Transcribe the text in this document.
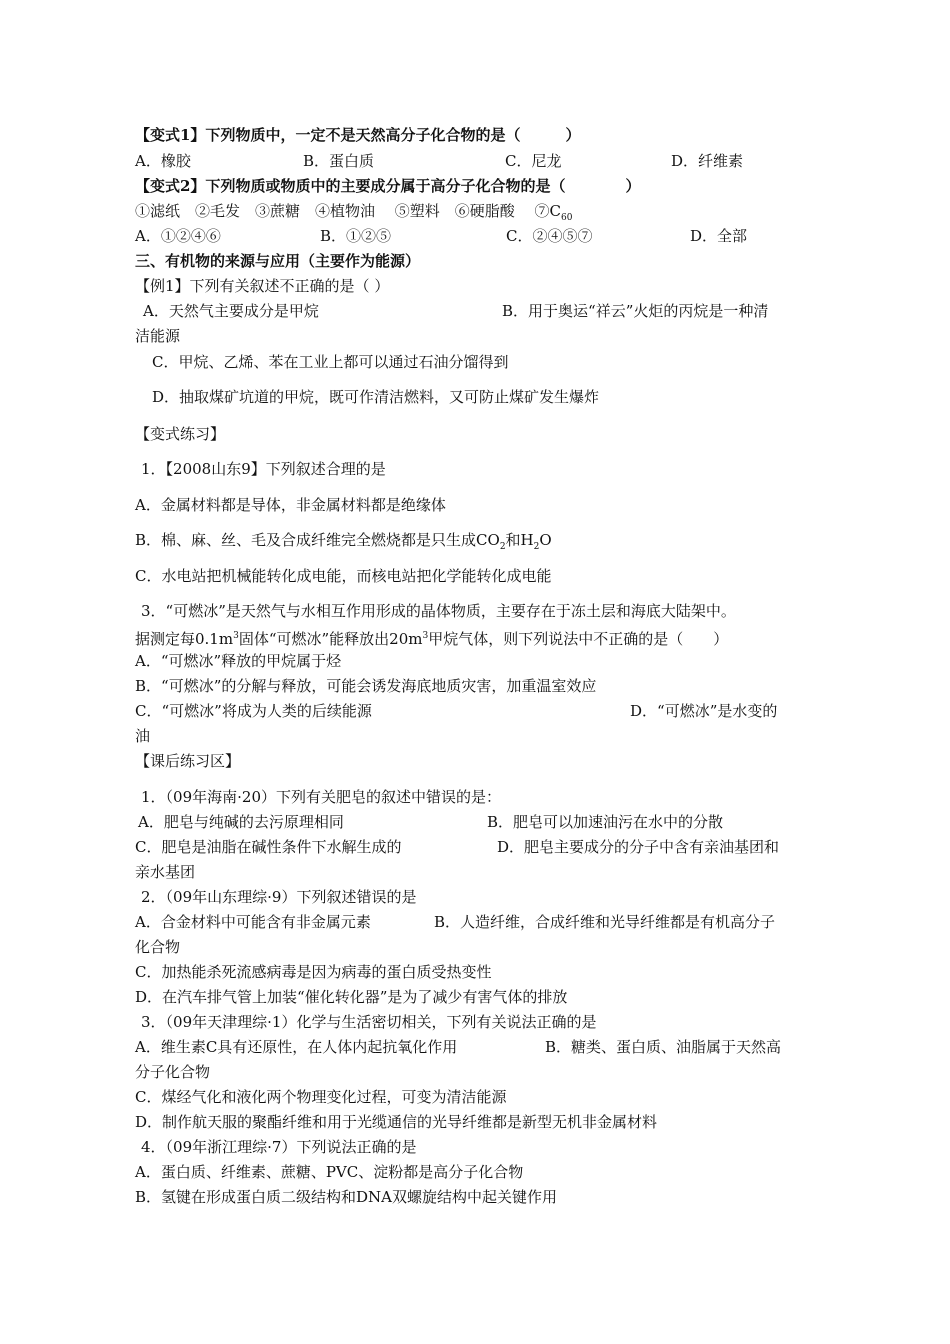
【变式1】下列物质中，一定不是天然高分子化合物的是（　　　）
A．橡胶	B．蛋白质	C．尼龙	D．纤维素
【变式2】下列物质或物质中的主要成分属于高分子化合物的是（　　　　）
①滤纸　②毛发　③蔗糖　④植物油　 ⑤塑料　⑥硬脂酸　 $⑦C_{60}$
A．①②④⑥	B．①②⑤	C．②④⑤⑦	D．全部
三、有机物的来源与应用（主要作为能源）
【例1】下列有关叙述不正确的是（ ）
A．天然气主要成分是甲烷	B．用于奥运“祥云”火炬的丙烷是一种清
洁能源
C．甲烷、乙烯、苯在工业上都可以通过石油分馏得到
D．抽取煤矿坑道的甲烷，既可作清洁燃料，又可防止煤矿发生爆炸
【变式练习】
1．【2008山东9】下列叙述合理的是
A．金属材料都是导体，非金属材料都是绝缘体
B．棉、麻、丝、毛及合成纤维完全燃烧都是只生成$CO_2$和$H_2O$
C．水电站把机械能转化成电能，而核电站把化学能转化成电能
3．“可燃冰”是天然气与水相互作用形成的晶体物质，主要存在于冻土层和海底大陆架中。
据测定每$0.1m^3$固体“可燃冰”能释放出$20m^3$甲烷气体，则下列说法中不正确的是（　　）
A．“可燃冰”释放的甲烷属于烃
B．“可燃冰”的分解与释放，可能会诱发海底地质灾害，加重温室效应
C．“可燃冰”将成为人类的后续能源	D．“可燃冰”是水变的
油
【课后练习区】
1．（09年海南·20）下列有关肥皂的叙述中错误的是：
A．肥皂与纯碱的去污原理相同	B．肥皂可以加速油污在水中的分散
C．肥皂是油脂在碱性条件下水解生成的	D．肥皂主要成分的分子中含有亲油基团和
亲水基团
2．（09年山东理综·9）下列叙述错误的是
A．合金材料中可能含有非金属元素	B．人造纤维，合成纤维和光导纤维都是有机高分子
化合物
C．加热能杀死流感病毒是因为病毒的蛋白质受热变性
D．在汽车排气管上加装“催化转化器”是为了减少有害气体的排放
3．（09年天津理综·1）化学与生活密切相关，下列有关说法正确的是
A．维生素C具有还原性，在人体内起抗氧化作用	B．糖类、蛋白质、油脂属于天然高
分子化合物
C．煤经气化和液化两个物理变化过程，可变为清洁能源
D．制作航天服的聚酯纤维和用于光缆通信的光导纤维都是新型无机非金属材料
4．（09年浙江理综·7）下列说法正确的是
A．蛋白质、纤维素、蔗糖、PVC、淀粉都是高分子化合物
B．氢键在形成蛋白质二级结构和DNA双螺旋结构中起关键作用
